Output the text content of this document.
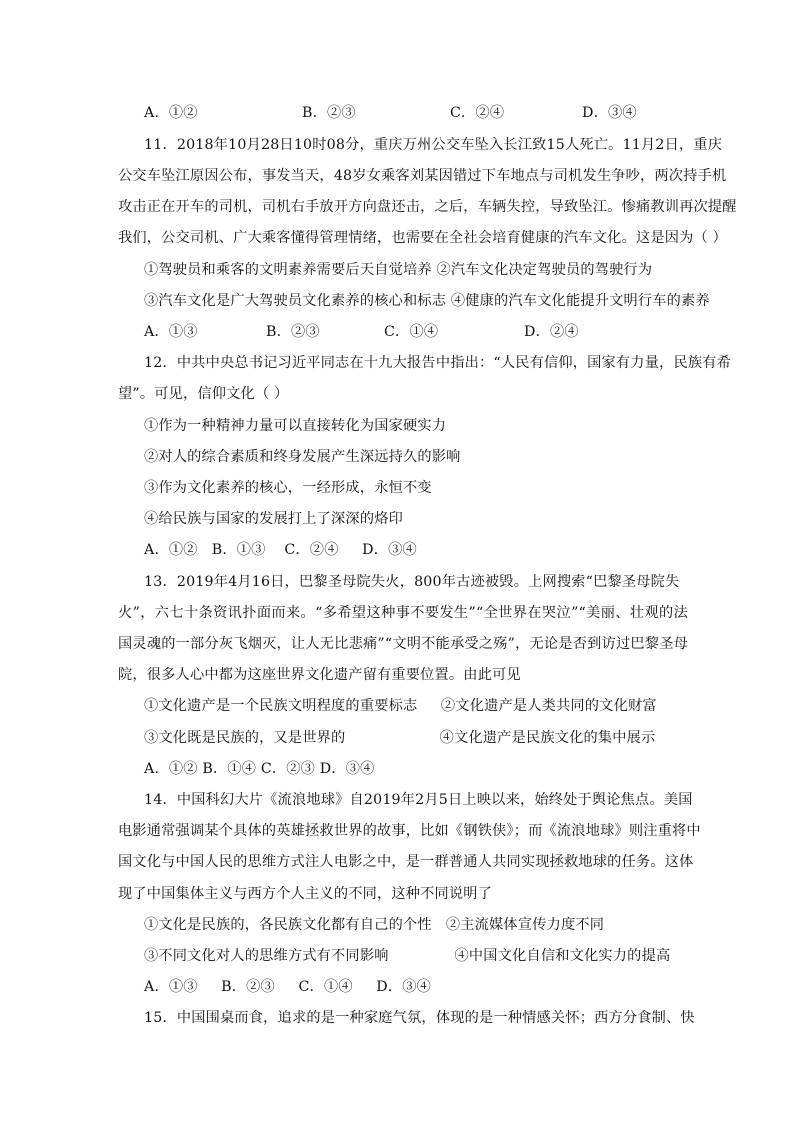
A．①②	B．②③	C．②④	D．③④
11．2018年10月28日10时08分，重庆万州公交车坠入长江致15人死亡。11月2日，重庆
公交车坠江原因公布，事发当天，48岁女乘客刘某因错过下车地点与司机发生争吵，两次持手机
攻击正在开车的司机，司机右手放开方向盘还击，之后，车辆失控，导致坠江。惨痛教训再次提醒
我们，公交司机、广大乘客懂得管理情绪，也需要在全社会培育健康的汽车文化。这是因为（ ）
①驾驶员和乘客的文明素养需要后天自觉培养 ②汽车文化决定驾驶员的驾驶行为
③汽车文化是广大驾驶员文化素养的核心和标志 ④健康的汽车文化能提升文明行车的素养
A．①③	B．②③	C．①④	D．②④
12．中共中央总书记习近平同志在十九大报告中指出：“人民有信仰，国家有力量，民族有希
望”。可见，信仰文化（ ）
①作为一种精神力量可以直接转化为国家硬实力
②对人的综合素质和终身发展产生深远持久的影响
③作为文化素养的核心，一经形成，永恒不变
④给民族与国家的发展打上了深深的烙印
A．①②   B．①③    C．②④     D．③④
13．2019年4月16日，巴黎圣母院失火，800年古迹被毁。上网搜索“巴黎圣母院失
火”，六七十条资讯扑面而来。“多希望这种事不要发生”“全世界在哭泣”“美丽、壮观的法
国灵魂的一部分灰飞烟灭，让人无比悲痛”“文明不能承受之殇”，无论是否到访过巴黎圣母
院，很多人心中都为这座世界文化遗产留有重要位置。由此可见
①文化遗产是一个民族文明程度的重要标志     ②文化遗产是人类共同的文化财富
③文化既是民族的，又是世界的                    ④文化遗产是民族文化的集中展示
A．①② B．①④ C．②③ D．③④
14．中国科幻大片《流浪地球》自2019年2月5日上映以来，始终处于舆论焦点。美国
电影通常强调某个具体的英雄拯救世界的故事，比如《钢铁侠》；而《流浪地球》则注重将中
国文化与中国人民的思维方式注人电影之中，是一群普通人共同实现拯救地球的任务。这体
现了中国集体主义与西方个人主义的不同，这种不同说明了
①文化是民族的，各民族文化都有自己的个性   ②主流媒体宣传力度不同
③不同文化对人的思维方式有不同影响              ④中国文化自信和文化实力的提高
A．①③     B．②③     C．①④     D．③④
15．中国围桌而食，追求的是一种家庭气氛，体现的是一种情感关怀；西方分食制、快
